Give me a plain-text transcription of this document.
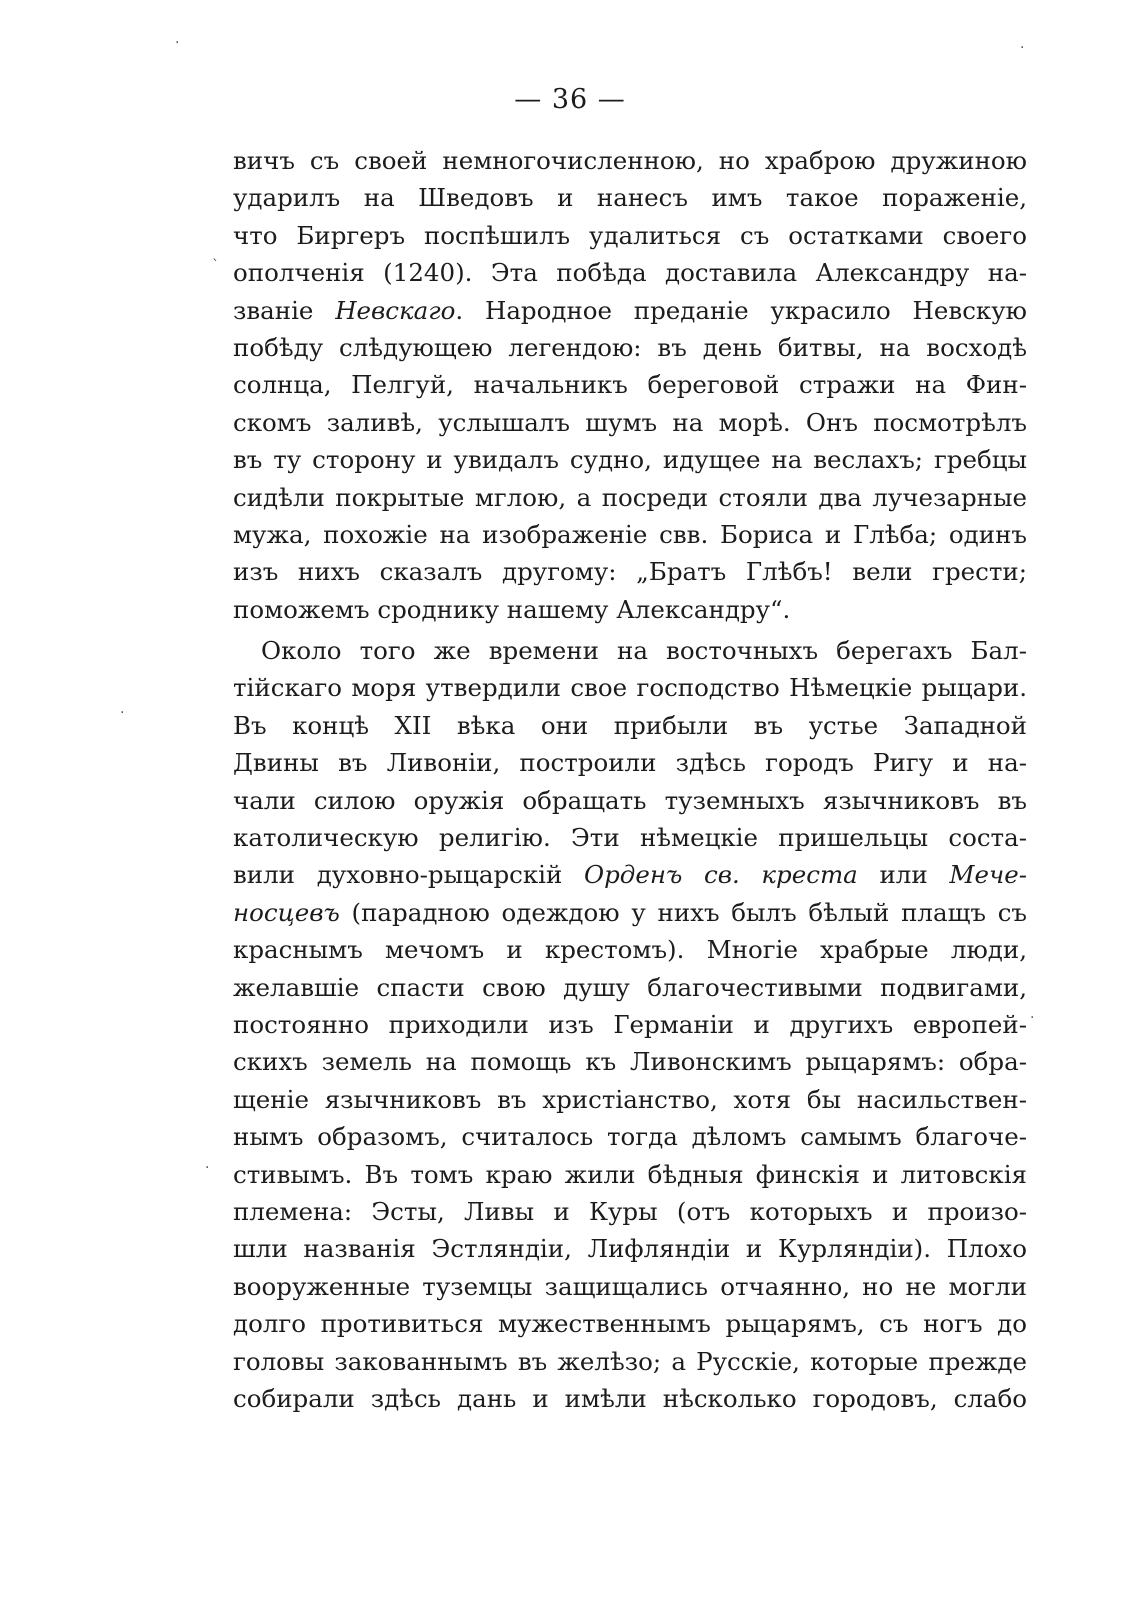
— 36 —
вичъ съ своей немногочисленною, но храброю дружиною
ударилъ на Шведовъ и нанесъ имъ такое пораженіе,
что Биргеръ поспѣшилъ удалиться съ остатками своего
ополченія (1240). Эта побѣда доставила Александру на-
званіе Невскаго. Народное преданіе украсило Невскую
побѣду слѣдующею легендою: въ день битвы, на восходѣ
солнца, Пелгуй, начальникъ береговой стражи на Фин-
скомъ заливѣ, услышалъ шумъ на морѣ. Онъ посмотрѣлъ
въ ту сторону и увидалъ судно, идущее на веслахъ; гребцы
сидѣли покрытые мглою, а посреди стояли два лучезарные
мужа, похожіе на изображеніе свв. Бориса и Глѣба; одинъ
изъ нихъ сказалъ другому: „Братъ Глѣбъ! вели грести;
поможемъ сроднику нашему Александру“.
Около того же времени на восточныхъ берегахъ Бал-
тійскаго моря утвердили свое господство Нѣмецкіе рыцари.
Въ концѣ XII вѣка они прибыли въ устье Западной
Двины въ Ливоніи, построили здѣсь городъ Ригу и на-
чали силою оружія обращать туземныхъ язычниковъ въ
католическую религію. Эти нѣмецкіе пришельцы соста-
вили духовно-рыцарскій Орденъ св. креста или Мече-
носцевъ (парадною одеждою у нихъ былъ бѣлый плащъ съ
краснымъ мечомъ и крестомъ). Многіе храбрые люди,
желавшіе спасти свою душу благочестивыми подвигами,
постоянно приходили изъ Германіи и другихъ европей-
скихъ земель на помощь къ Ливонскимъ рыцарямъ: обра-
щеніе язычниковъ въ христіанство, хотя бы насильствен-
нымъ образомъ, считалось тогда дѣломъ самымъ благоче-
стивымъ. Въ томъ краю жили бѣдныя финскія и литовскія
племена: Эсты, Ливы и Куры (отъ которыхъ и произо-
шли названія Эстляндіи, Лифляндіи и Курляндіи). Плохо
вооруженные туземцы защищались отчаянно, но не могли
долго противиться мужественнымъ рыцарямъ, съ ногъ до
головы закованнымъ въ желѣзо; а Русскіе, которые прежде
собирали здѣсь дань и имѣли нѣсколько городовъ, слабо
·
·
·
·
·
`
